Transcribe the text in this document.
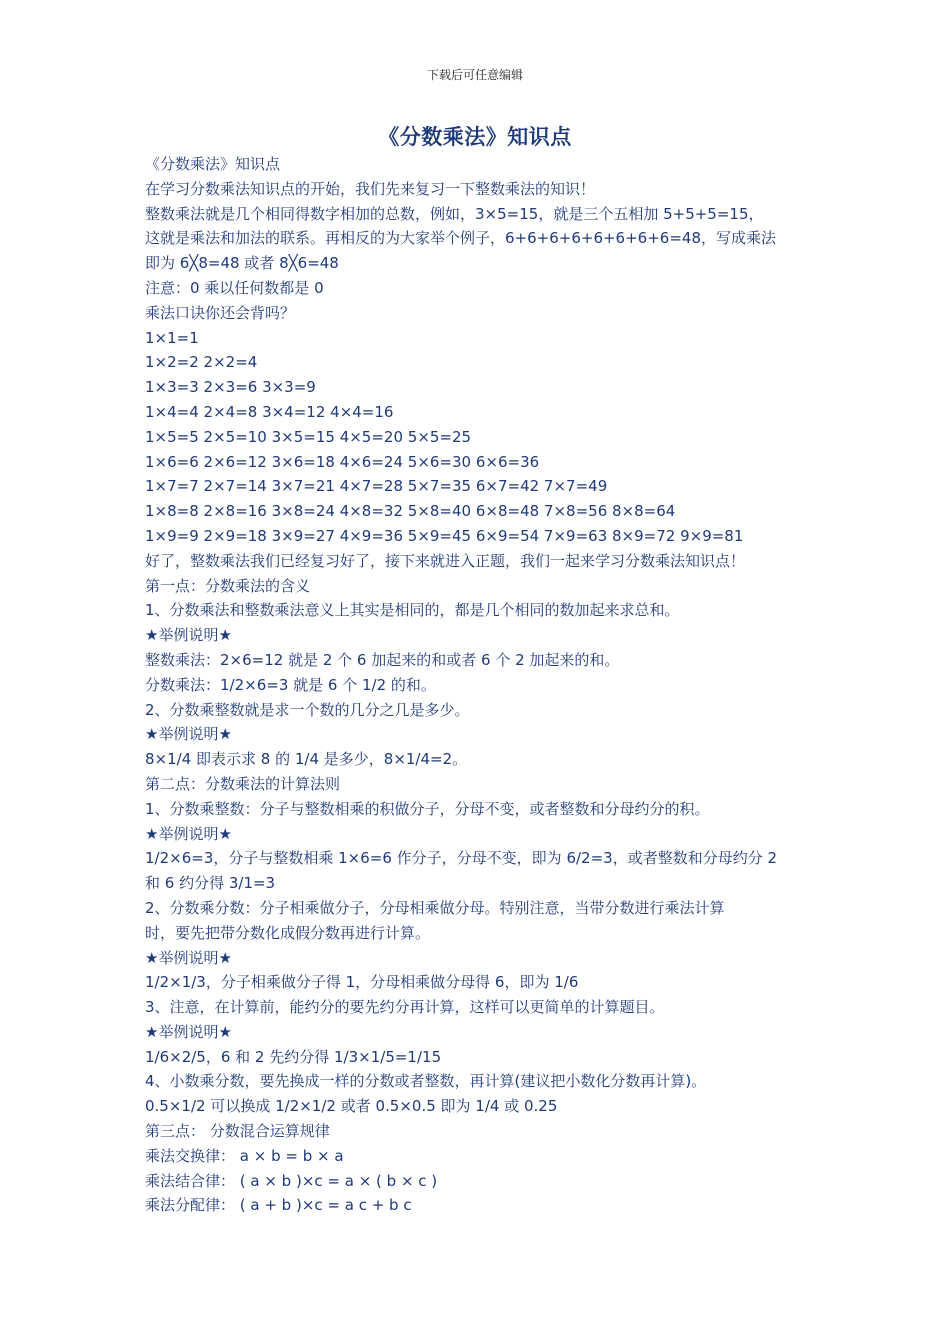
下载后可任意编辑
《分数乘法》知识点
《分数乘法》知识点
在学习分数乘法知识点的开始，我们先来复习一下整数乘法的知识！
整数乘法就是几个相同得数字相加的总数，例如，3×5=15，就是三个五相加 5+5+5=15，
这就是乘法和加法的联系。再相反的为大家举个例子，6+6+6+6+6+6+6+6=48，写成乘法
即为 6╳8=48 或者 8╳6=48
注意：0 乘以任何数都是 0
乘法口诀你还会背吗？
1×1=1
1×2=2 2×2=4
1×3=3 2×3=6 3×3=9
1×4=4 2×4=8 3×4=12 4×4=16
1×5=5 2×5=10 3×5=15 4×5=20 5×5=25
1×6=6 2×6=12 3×6=18 4×6=24 5×6=30 6×6=36
1×7=7 2×7=14 3×7=21 4×7=28 5×7=35 6×7=42 7×7=49
1×8=8 2×8=16 3×8=24 4×8=32 5×8=40 6×8=48 7×8=56 8×8=64
1×9=9 2×9=18 3×9=27 4×9=36 5×9=45 6×9=54 7×9=63 8×9=72 9×9=81
好了，整数乘法我们已经复习好了，接下来就进入正题，我们一起来学习分数乘法知识点！
第一点：分数乘法的含义
1、分数乘法和整数乘法意义上其实是相同的，都是几个相同的数加起来求总和。
★举例说明★
整数乘法：2×6=12 就是 2 个 6 加起来的和或者 6 个 2 加起来的和。
分数乘法：1/2×6=3 就是 6 个 1/2 的和。
2、分数乘整数就是求一个数的几分之几是多少。
★举例说明★
8×1/4 即表示求 8 的 1/4 是多少，8×1/4=2。
第二点：分数乘法的计算法则
1、分数乘整数：分子与整数相乘的积做分子，分母不变，或者整数和分母约分的积。
★举例说明★
1/2×6=3，分子与整数相乘 1×6=6 作分子，分母不变，即为 6/2=3，或者整数和分母约分 2
和 6 约分得 3/1=3
2、分数乘分数：分子相乘做分子，分母相乘做分母。特别注意，当带分数进行乘法计算
时，要先把带分数化成假分数再进行计算。
★举例说明★
1/2×1/3，分子相乘做分子得 1，分母相乘做分母得 6，即为 1/6
3、注意，在计算前，能约分的要先约分再计算，这样可以更简单的计算题目。
★举例说明★
1/6×2/5，6 和 2 先约分得 1/3×1/5=1/15
4、小数乘分数，要先换成一样的分数或者整数，再计算(建议把小数化分数再计算)。
0.5×1/2 可以换成 1/2×1/2 或者 0.5×0.5 即为 1/4 或 0.25
第三点： 分数混合运算规律
乘法交换律： a × b = b × a
乘法结合律： ( a × b )×c = a × ( b × c )
乘法分配律： ( a + b )×c = a c + b c
